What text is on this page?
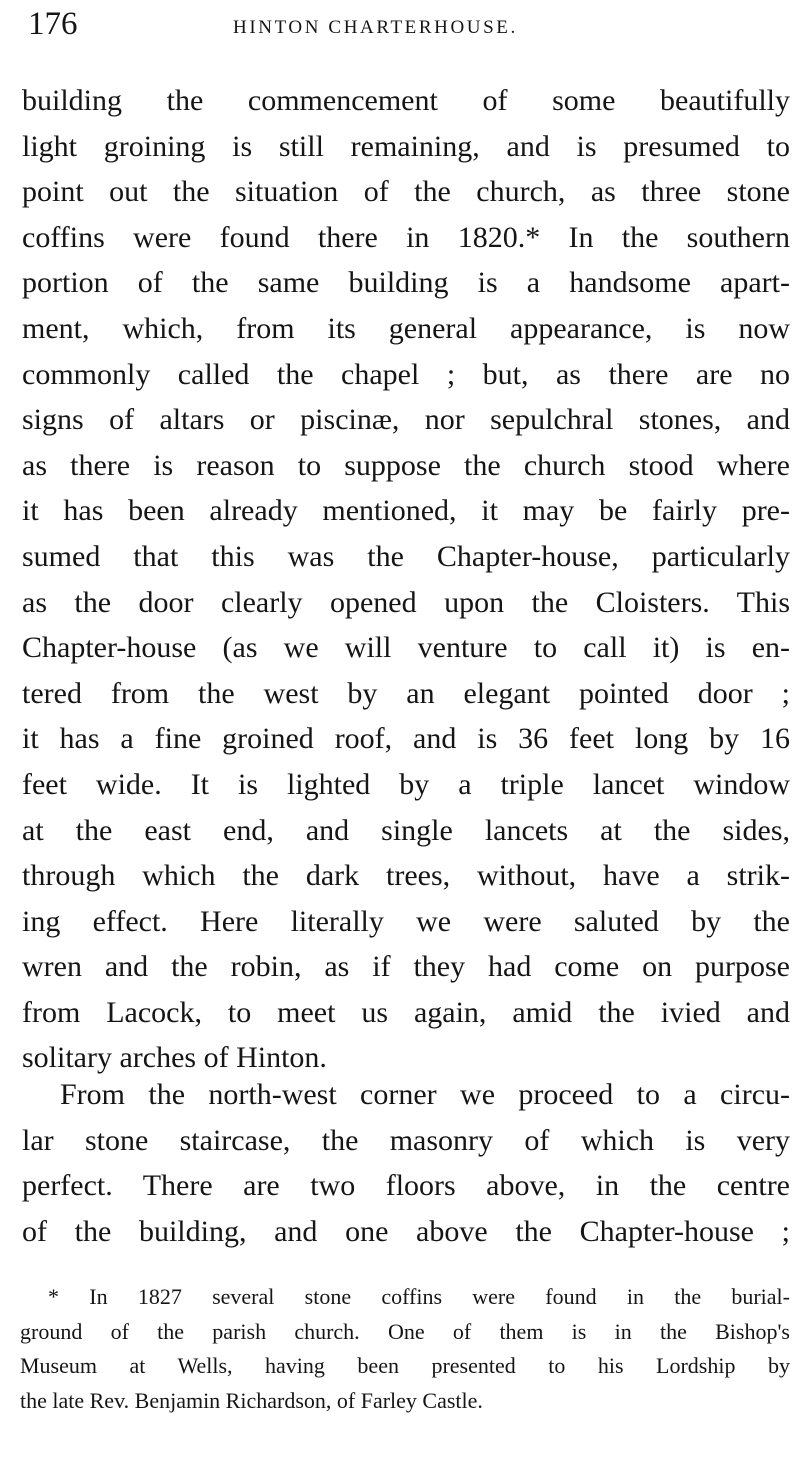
176	HINTON CHARTERHOUSE.
building the commencement of some beautifully
light groining is still remaining, and is presumed to
point out the situation of the church, as three stone
coffins were found there in 1820.* In the southern
portion of the same building is a handsome apart-
ment, which, from its general appearance, is now
commonly called the chapel ; but, as there are no
signs of altars or piscinæ, nor sepulchral stones, and
as there is reason to suppose the church stood where
it has been already mentioned, it may be fairly pre-
sumed that this was the Chapter-house, particularly
as the door clearly opened upon the Cloisters. This
Chapter-house (as we will venture to call it) is en-
tered from the west by an elegant pointed door ;
it has a fine groined roof, and is 36 feet long by 16
feet wide. It is lighted by a triple lancet window
at the east end, and single lancets at the sides,
through which the dark trees, without, have a strik-
ing effect. Here literally we were saluted by the
wren and the robin, as if they had come on purpose
from Lacock, to meet us again, amid the ivied and
solitary arches of Hinton.
From the north-west corner we proceed to a circu-
lar stone staircase, the masonry of which is very
perfect. There are two floors above, in the centre
of the building, and one above the Chapter-house ;
* In 1827 several stone coffins were found in the burial-
ground of the parish church. One of them is in the Bishop's
Museum at Wells, having been presented to his Lordship by
the late Rev. Benjamin Richardson, of Farley Castle.
